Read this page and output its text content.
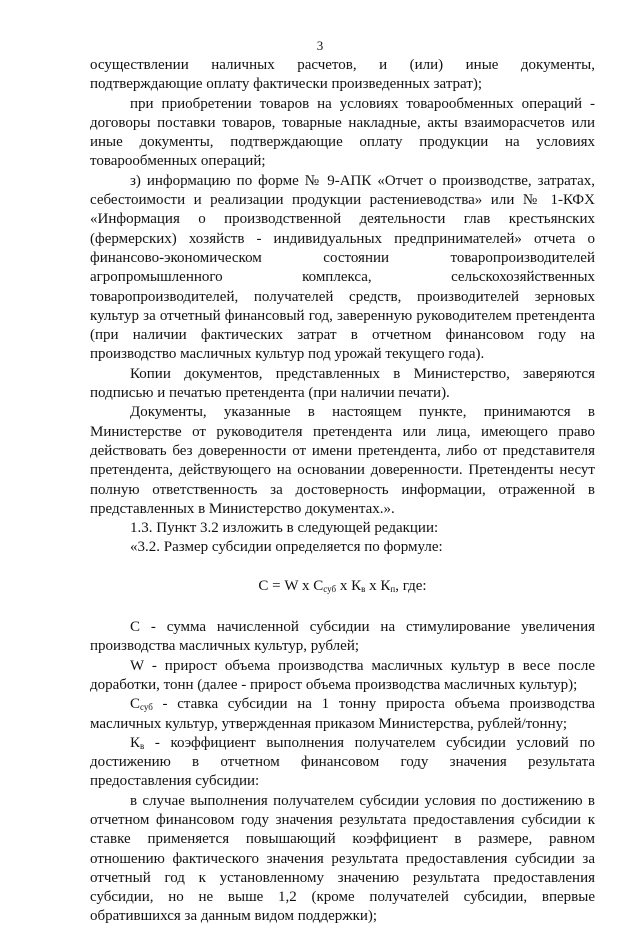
3

осуществлении наличных расчетов, и (или) иные документы, подтверждающие оплату фактически произведенных затрат);

при приобретении товаров на условиях товарообменных операций - договоры поставки товаров, товарные накладные, акты взаиморасчетов или иные документы, подтверждающие оплату продукции на условиях товарообменных операций;

з) информацию по форме № 9-АПК «Отчет о производстве, затратах, себестоимости и реализации продукции растениеводства» или № 1-КФХ «Информация о производственной деятельности глав крестьянских (фермерских) хозяйств - индивидуальных предпринимателей» отчета о финансово-экономическом состоянии товаропроизводителей агропромышленного комплекса, сельскохозяйственных товаропроизводителей, получателей средств, производителей зерновых культур за отчетный финансовый год, заверенную руководителем претендента (при наличии фактических затрат в отчетном финансовом году на производство масличных культур под урожай текущего года).

Копии документов, представленных в Министерство, заверяются подписью и печатью претендента (при наличии печати).

Документы, указанные в настоящем пункте, принимаются в Министерстве от руководителя претендента или лица, имеющего право действовать без доверенности от имени претендента, либо от представителя претендента, действующего на основании доверенности. Претенденты несут полную ответственность за достоверность информации, отраженной в представленных в Министерство документах.».

1.3. Пункт 3.2 изложить в следующей редакции:

«3.2. Размер субсидии определяется по формуле:

С = W x $С_{суб}$ x $К_в$ x $К_п$, где:

С - сумма начисленной субсидии на стимулирование увеличения производства масличных культур, рублей;

W - прирост объема производства масличных культур в весе после доработки, тонн (далее - прирост объема производства масличных культур);

$С_{суб}$ - ставка субсидии на 1 тонну прироста объема производства масличных культур, утвержденная приказом Министерства, рублей/тонну;

$К_в$ - коэффициент выполнения получателем субсидии условий по достижению в отчетном финансовом году значения результата предоставления субсидии:

в случае выполнения получателем субсидии условия по достижению в отчетном финансовом году значения результата предоставления субсидии к ставке применяется повышающий коэффициент в размере, равном отношению фактического значения результата предоставления субсидии за отчетный год к установленному значению результата предоставления субсидии, но не выше 1,2 (кроме получателей субсидии, впервые обратившихся за данным видом поддержки);
